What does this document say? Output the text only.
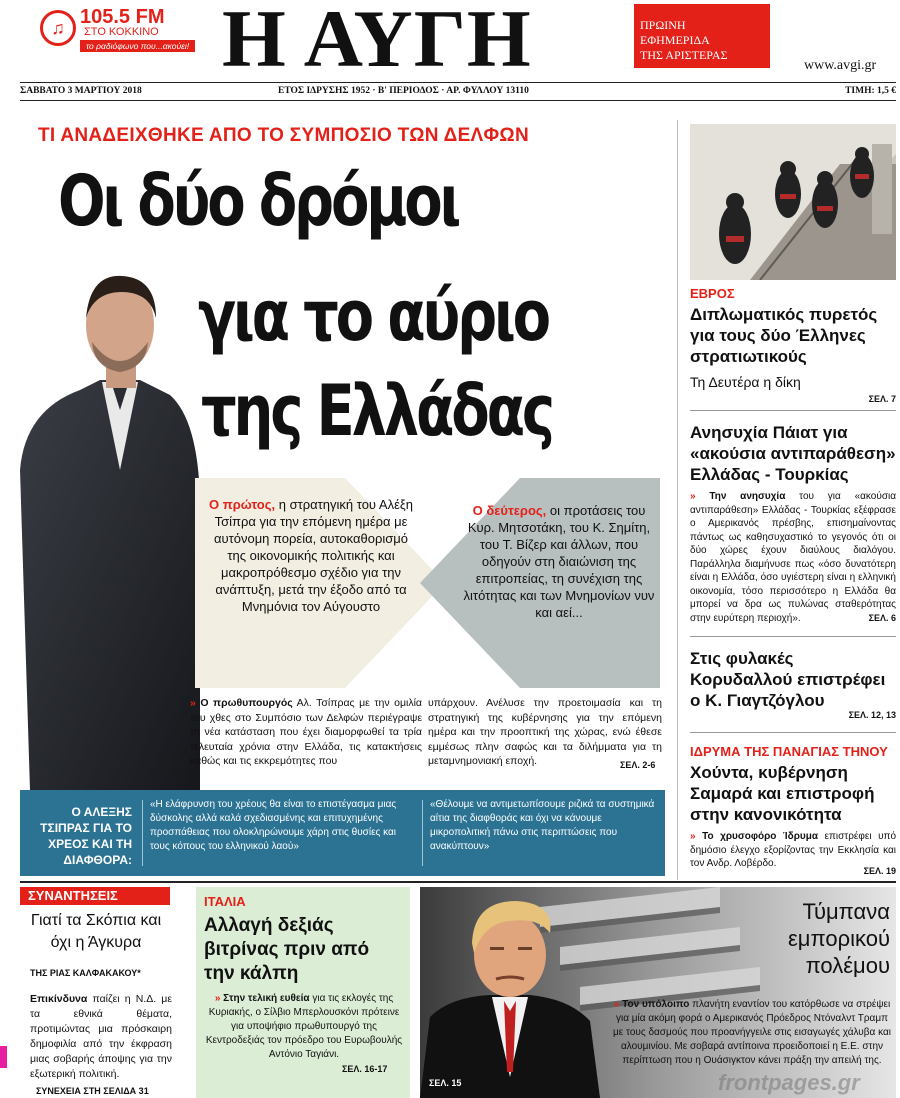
♫ 105.5 FM
ΣΤΟ ΚΟΚΚΙΝΟ
το ραδιόφωνο που...ακούει! Η ΑΥΓΗ	ΠΡΩΙΝΗ
ΕΦΗΜΕΡΙΔΑ
ΤΗΣ ΑΡΙΣΤΕΡΑΣ
www.avgi.gr
ΣΑΒΒΑΤΟ 3 ΜΑΡΤΙΟΥ 2018	ΕΤΟΣ ΙΔΡΥΣΗΣ 1952 · Β' ΠΕΡΙΟΔΟΣ · ΑΡ. ΦΥΛΛΟΥ 13110	ΤΙΜΗ: 1,5 €
ΤΙ ΑΝΑΔΕΙΧΘΗΚΕ ΑΠΟ ΤΟ ΣΥΜΠΟΣΙΟ ΤΩΝ ΔΕΛΦΩΝ
Οι δύο δρόμοι
για το αύριο
της Ελλάδας
Ο πρώτος, η στρατηγική του Αλέξη Τσίπρα για την επόμενη ημέρα με αυτόνομη πορεία, αυτοκαθορισμό της οικονομικής πολιτικής και μακροπρόθεσμο σχέδιο για την ανάπτυξη, μετά την έξοδο από τα Μνημόνια τον Αύγουστο
Ο δεύτερος, οι προτάσεις του Κυρ. Μητσοτάκη, του Κ. Σημίτη, του Τ. Βίζερ και άλλων, που οδηγούν στη διαιώνιση της επιτροπείας, τη συνέχιση της λιτότητας και των Μνημονίων νυν και αεί...
» Ο πρωθυπουργός Αλ. Τσίπρας με την ομιλία του χθες στο Συμπόσιο των Δελφών περιέγραψε τη νέα κατάσταση που έχει διαμορφωθεί τα τρία τελευταία χρόνια στην Ελλάδα, τις κατακτήσεις καθώς και τις εκκρεμότητες που
υπάρχουν. Ανέλυσε την προετοιμασία και τη στρατηγική της κυβέρνησης για την επόμενη ημέρα και την προοπτική της χώρας, ενώ έθεσε εμμέσως πλην σαφώς και τα διλήμματα για τη μεταμνημονιακή εποχή.	ΣΕΛ. 2-6
Ο ΑΛΕΞΗΣ ΤΣΙΠΡΑΣ ΓΙΑ ΤΟ ΧΡΕΟΣ ΚΑΙ ΤΗ ΔΙΑΦΘΟΡΑ:
«Η ελάφρυνση του χρέους θα είναι το επιστέγασμα μιας δύσκολης αλλά καλά σχεδιασμένης και επιτυχημένης προσπάθειας που ολοκληρώνουμε χάρη στις θυσίες και τους κόπους του ελληνικού λαού»
«Θέλουμε να αντιμετωπίσουμε ριζικά τα συστημικά αίτια της διαφθοράς και όχι να κάνουμε μικροπολιτική πάνω στις περιπτώσεις που ανακύπτουν»
ΕΒΡΟΣ
Διπλωματικός πυρετός για τους δύο Έλληνες στρατιωτικούς
Τη Δευτέρα η δίκη
ΣΕΛ. 7
Ανησυχία Πάιατ για «ακούσια αντιπαράθεση» Ελλάδας - Τουρκίας
» Την ανησυχία του για «ακούσια αντιπαράθεση» Ελλάδας - Τουρκίας εξέφρασε ο Αμερικανός πρέσβης, επισημαίνοντας πάντως ως καθησυχαστικό το γεγονός ότι οι δύο χώρες έχουν διαύλους διαλόγου. Παράλληλα διαμήνυσε πως «όσο δυνατότερη είναι η Ελλάδα, όσο υγιέστερη είναι η ελληνική οικονομία, τόσο περισσότερο η Ελλάδα θα μπορεί να δρα ως πυλώνας σταθερότητας στην ευρύτερη περιοχή».	ΣΕΛ. 6
Στις φυλακές Κορυδαλλού επιστρέφει ο Κ. Γιαγτζόγλου
ΣΕΛ. 12, 13
ΙΔΡΥΜΑ ΤΗΣ ΠΑΝΑΓΙΑΣ ΤΗΝΟΥ
Χούντα, κυβέρνηση Σαμαρά και επιστροφή στην κανονικότητα
» Το χρυσοφόρο Ίδρυμα επιστρέφει υπό δημόσιο έλεγχο εξορίζοντας την Εκκλησία και τον Ανδρ. Λοβέρδο.
ΣΕΛ. 19
ΣΥΝΑΝΤΗΣΕΙΣ
Γιατί τα Σκόπια και όχι η Άγκυρα
ΤΗΣ ΡΙΑΣ ΚΑΛΦΑΚΑΚΟΥ*
Επικίνδυνα παίζει η Ν.Δ. με τα εθνικά θέματα, προτιμώντας μια πρόσκαιρη δημοφιλία από την έκφραση μιας σοβαρής άποψης για την εξωτερική πολιτική.
ΣΥΝΕΧΕΙΑ ΣΤΗ ΣΕΛΙΔΑ 31
ΙΤΑΛΙΑ
Αλλαγή δεξιάς βιτρίνας πριν από την κάλπη
» Στην τελική ευθεία για τις εκλογές της Κυριακής, ο Σίλβιο Μπερλουσκόνι πρότεινε για υποψήφιο πρωθυπουργό της Κεντροδεξιάς τον πρόεδρο του Ευρωβουλής Αντόνιο Ταγιάνι.
ΣΕΛ. 16-17
Τύμπανα εμπορικού πολέμου
» Τον υπόλοιπο πλανήτη εναντίον του κατόρθωσε να στρέψει για μία ακόμη φορά ο Αμερικανός Πρόεδρος Ντόναλντ Τραμπ με τους δασμούς που προανήγγειλε στις εισαγωγές χάλυβα και αλουμινίου. Με σοβαρά αντίποινα προειδοποιεί η Ε.Ε. στην περίπτωση που η Ουάσιγκτον κάνει πράξη την απειλή της.
ΣΕΛ. 15	frontpages.gr
